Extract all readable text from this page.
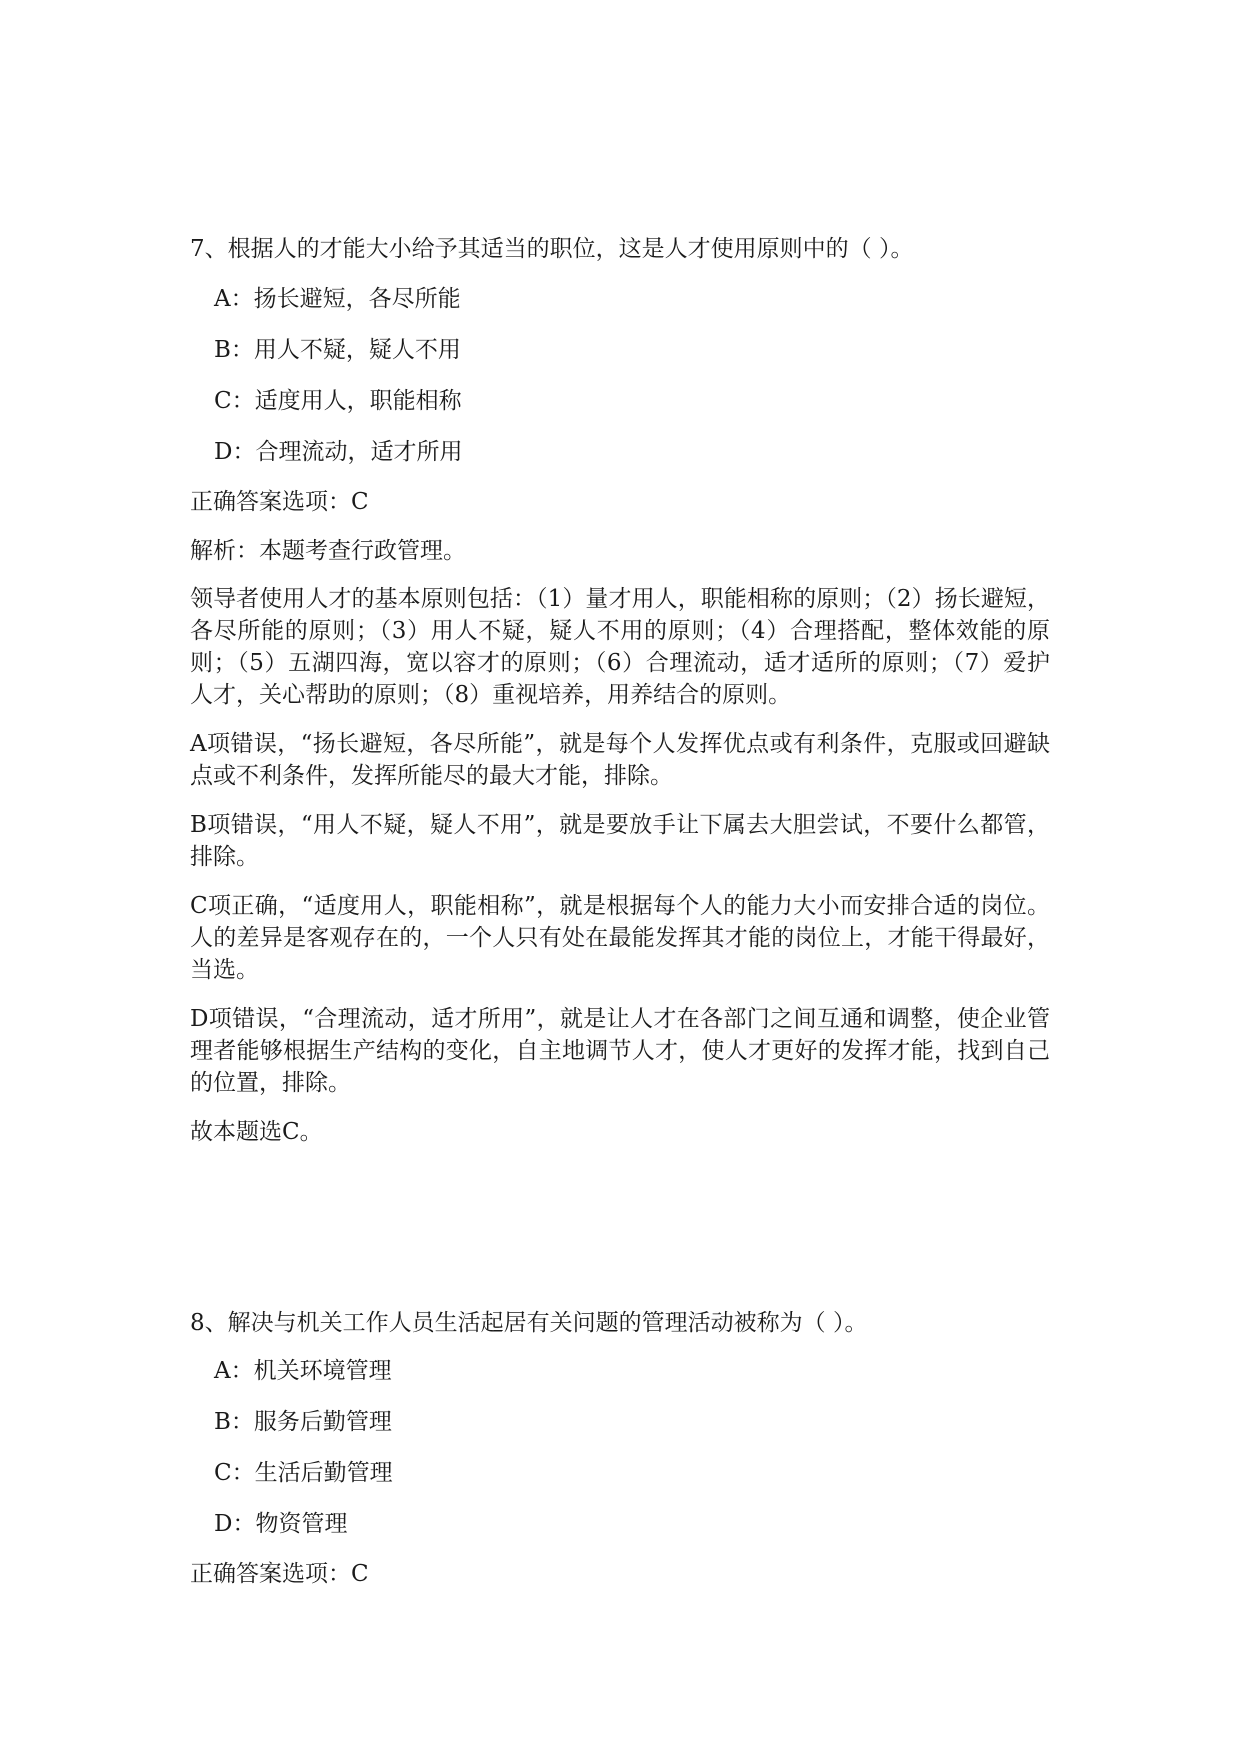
7、根据人的才能大小给予其适当的职位，这是人才使用原则中的（ ）。

A：扬长避短，各尽所能

B：用人不疑，疑人不用

C：适度用人，职能相称

D：合理流动，适才所用

正确答案选项：C

解析：本题考查行政管理。

领导者使用人才的基本原则包括：（1）量才用人，职能相称的原则；（2）扬长避短，各尽所能的原则；（3）用人不疑，疑人不用的原则；（4）合理搭配，整体效能的原则；（5）五湖四海，宽以容才的原则；（6）合理流动，适才适所的原则；（7）爱护人才，关心帮助的原则；（8）重视培养，用养结合的原则。

A项错误，“扬长避短，各尽所能”，就是每个人发挥优点或有利条件，克服或回避缺点或不利条件，发挥所能尽的最大才能，排除。

B项错误，“用人不疑，疑人不用”，就是要放手让下属去大胆尝试，不要什么都管，排除。

C项正确，“适度用人，职能相称”，就是根据每个人的能力大小而安排合适的岗位。人的差异是客观存在的，一个人只有处在最能发挥其才能的岗位上，才能干得最好，当选。

D项错误，“合理流动，适才所用”，就是让人才在各部门之间互通和调整，使企业管理者能够根据生产结构的变化，自主地调节人才，使人才更好的发挥才能，找到自己的位置，排除。

故本题选C。

8、解决与机关工作人员生活起居有关问题的管理活动被称为（ ）。

A：机关环境管理

B：服务后勤管理

C：生活后勤管理

D：物资管理

正确答案选项：C
